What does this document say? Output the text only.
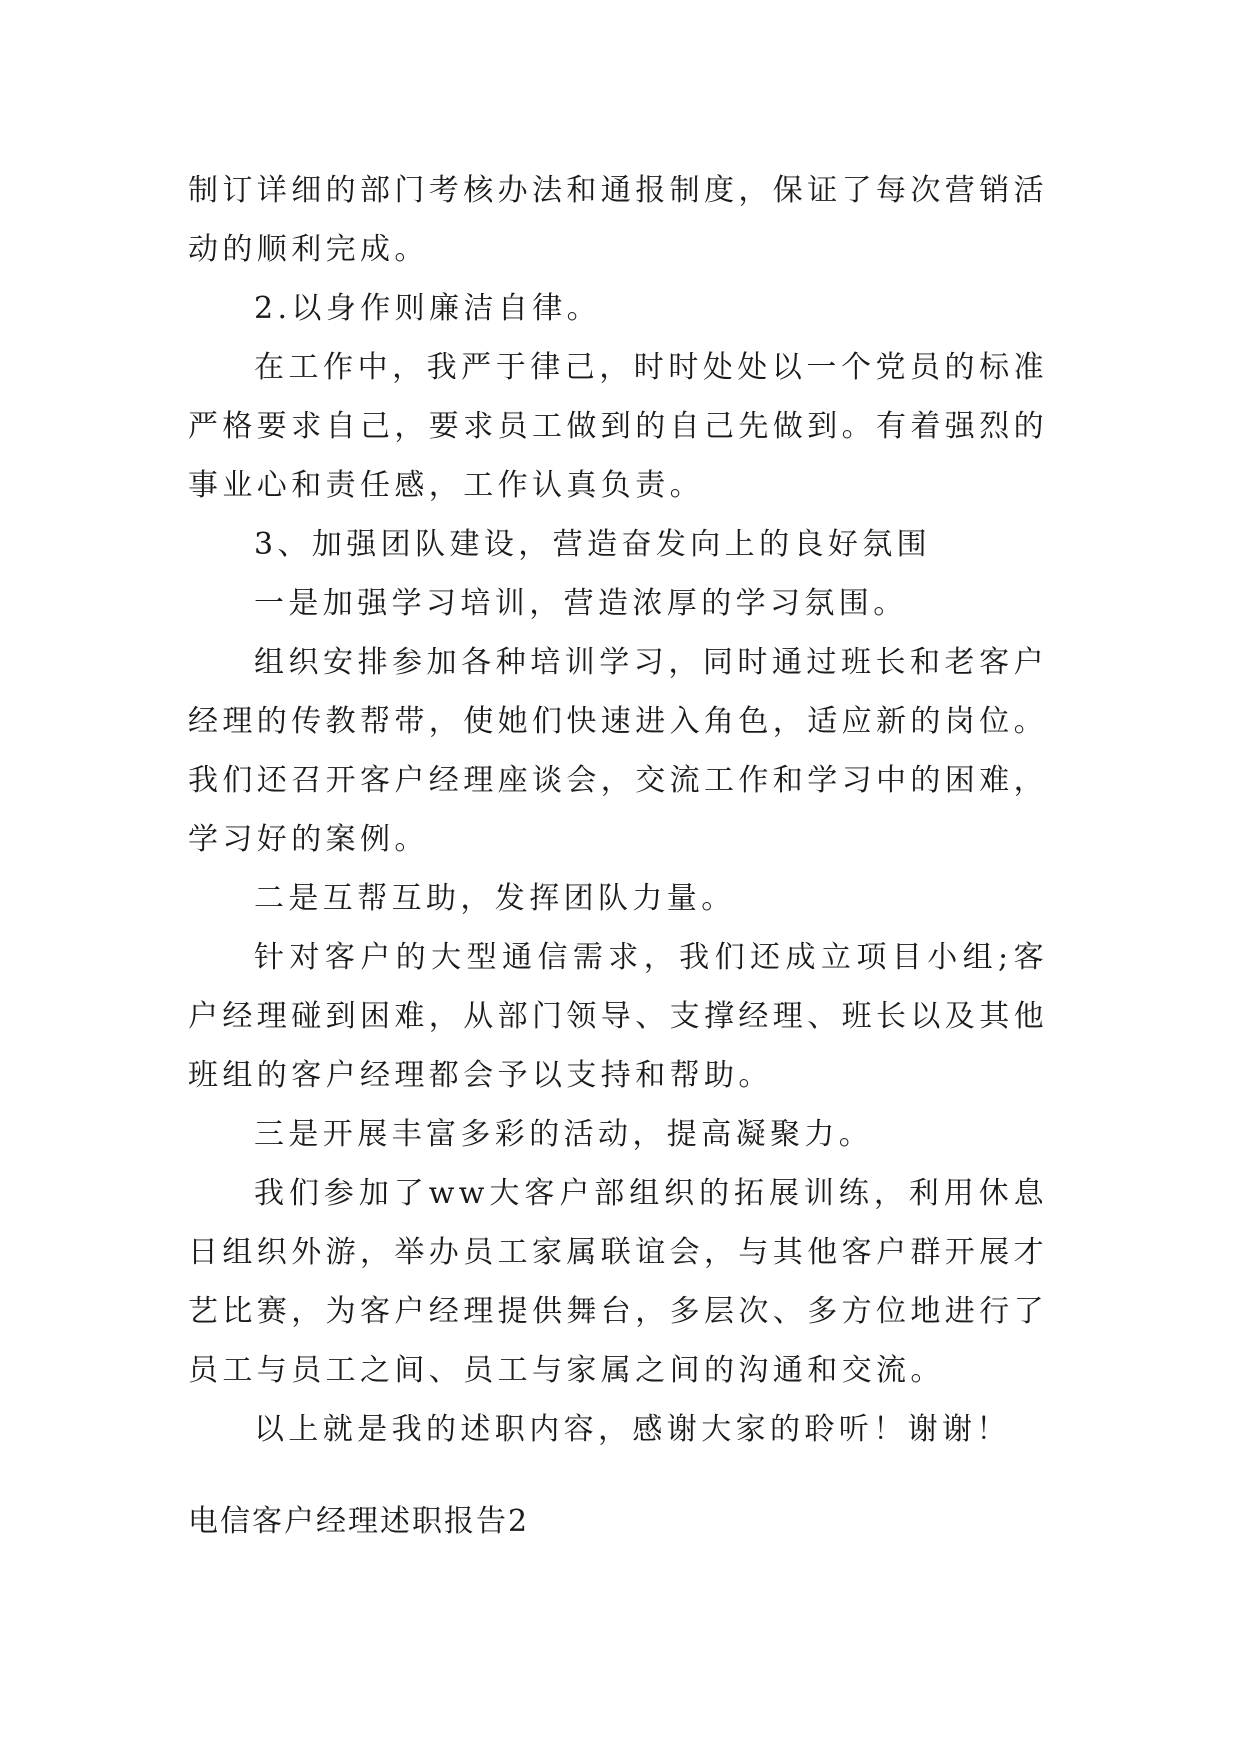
制订详细的部门考核办法和通报制度，保证了每次营销活动的顺利完成。

2.以身作则廉洁自律。

在工作中，我严于律己，时时处处以一个党员的标准严格要求自己，要求员工做到的自己先做到。有着强烈的事业心和责任感，工作认真负责。

3、加强团队建设，营造奋发向上的良好氛围

一是加强学习培训，营造浓厚的学习氛围。

组织安排参加各种培训学习，同时通过班长和老客户经理的传教帮带，使她们快速进入角色，适应新的岗位。我们还召开客户经理座谈会，交流工作和学习中的困难，学习好的案例。

二是互帮互助，发挥团队力量。

针对客户的大型通信需求，我们还成立项目小组;客户经理碰到困难，从部门领导、支撑经理、班长以及其他班组的客户经理都会予以支持和帮助。

三是开展丰富多彩的活动，提高凝聚力。

我们参加了ww大客户部组织的拓展训练，利用休息日组织外游，举办员工家属联谊会，与其他客户群开展才艺比赛，为客户经理提供舞台，多层次、多方位地进行了员工与员工之间、员工与家属之间的沟通和交流。

以上就是我的述职内容，感谢大家的聆听！谢谢！

电信客户经理述职报告2
